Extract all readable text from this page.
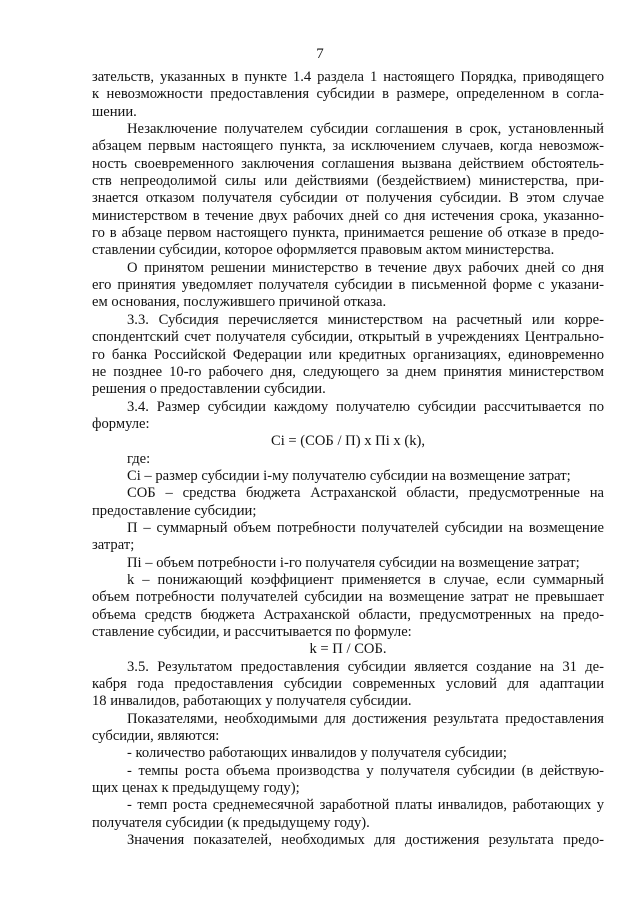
7
зательств, указанных в пункте 1.4 раздела 1 настоящего Порядка, приводящего
к невозможности предоставления субсидии в размере, определенном в согла-
шении.
Незаключение получателем субсидии соглашения в срок, установленный
абзацем первым настоящего пункта, за исключением случаев, когда невозмож-
ность своевременного заключения соглашения вызвана действием обстоятель-
ств непреодолимой силы или действиями (бездействием) министерства, при-
знается отказом получателя субсидии от получения субсидии. В этом случае
министерством в течение двух рабочих дней со дня истечения срока, указанно-
го в абзаце первом настоящего пункта, принимается решение об отказе в предо-
ставлении субсидии, которое оформляется правовым актом министерства.
О принятом решении министерство в течение двух рабочих дней со дня
его принятия уведомляет получателя субсидии в письменной форме с указани-
ем основания, послужившего причиной отказа.
3.3. Субсидия перечисляется министерством на расчетный или корре-
спондентский счет получателя субсидии, открытый в учреждениях Центрально-
го банка Российской Федерации или кредитных организациях, единовременно
не позднее 10-го рабочего дня, следующего за днем принятия министерством
решения о предоставлении субсидии.
3.4. Размер субсидии каждому получателю субсидии рассчитывается по
формуле:
Ci = (СОБ / П) x Пi x (k),
где:
Ci – размер субсидии i-му получателю субсидии на возмещение затрат;
СОБ – средства бюджета Астраханской области, предусмотренные на
предоставление субсидии;
П – суммарный объем потребности получателей субсидии на возмещение
затрат;
Пi – объем потребности i-го получателя субсидии на возмещение затрат;
k – понижающий коэффициент применяется в случае, если суммарный
объем потребности получателей субсидии на возмещение затрат не превышает
объема средств бюджета Астраханской области, предусмотренных на предо-
ставление субсидии, и рассчитывается по формуле:
k = П / СОБ.
3.5. Результатом предоставления субсидии является создание на 31 де-
кабря года предоставления субсидии современных условий для адаптации
18 инвалидов, работающих у получателя субсидии.
Показателями, необходимыми для достижения результата предоставления
субсидии, являются:
- количество работающих инвалидов у получателя субсидии;
- темпы роста объема производства у получателя субсидии (в действую-
щих ценах к предыдущему году);
- темп роста среднемесячной заработной платы инвалидов, работающих у
получателя субсидии (к предыдущему году).
Значения показателей, необходимых для достижения результата предо-
